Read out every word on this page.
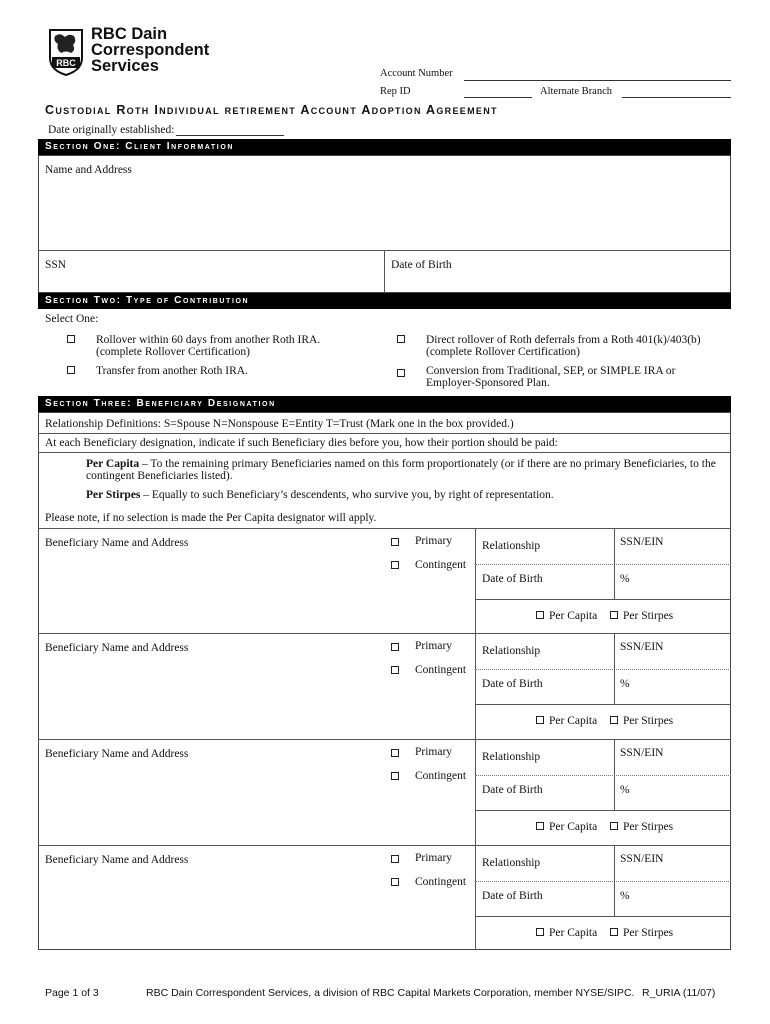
RBC
RBC Dain
Correspondent
Services	Account Number
Rep ID	Alternate Branch
Custodial Roth Individual retirement Account Adoption Agreement
Date originally established:
Section One: Client Information
Name and Address
SSN	Date of Birth
Section Two: Type of Contribution
Select One:
Rollover within 60 days from another Roth IRA.
(complete Rollover Certification)
Direct rollover of Roth deferrals from a Roth 401(k)/403(b)
(complete Rollover Certification)
Transfer from another Roth IRA.	Conversion from Traditional, SEP, or SIMPLE IRA or
Employer-Sponsored Plan.
Section Three: Beneficiary Designation
Relationship Definitions: S=Spouse N=Nonspouse E=Entity T=Trust (Mark one in the box provided.)
At each Beneficiary designation, indicate if such Beneficiary dies before you, how their portion should be paid:
Per Capita – To the remaining primary Beneficiaries named on this form proportionately (or if there are no primary Beneficiaries, to the contingent Beneficiaries listed).
Per Stirpes – Equally to such Beneficiary’s descendents, who survive you, by right of representation.
Please note, if no selection is made the Per Capita designator will apply.
Beneficiary Name and Address	Primary
Contingent
Relationship	SSN/EIN
Date of Birth	%
Per Capita Per Stirpes
Beneficiary Name and Address	Primary
Contingent
Relationship	SSN/EIN
Date of Birth	%
Per Capita Per Stirpes
Beneficiary Name and Address	Primary
Contingent
Relationship	SSN/EIN
Date of Birth	%
Per Capita Per Stirpes
Beneficiary Name and Address	Primary
Contingent
Relationship	SSN/EIN
Date of Birth	%
Per Capita Per Stirpes
Page 1 of 3	RBC Dain Correspondent Services, a division of RBC Capital Markets Corporation, member NYSE/SIPC. R_URIA (11/07)
